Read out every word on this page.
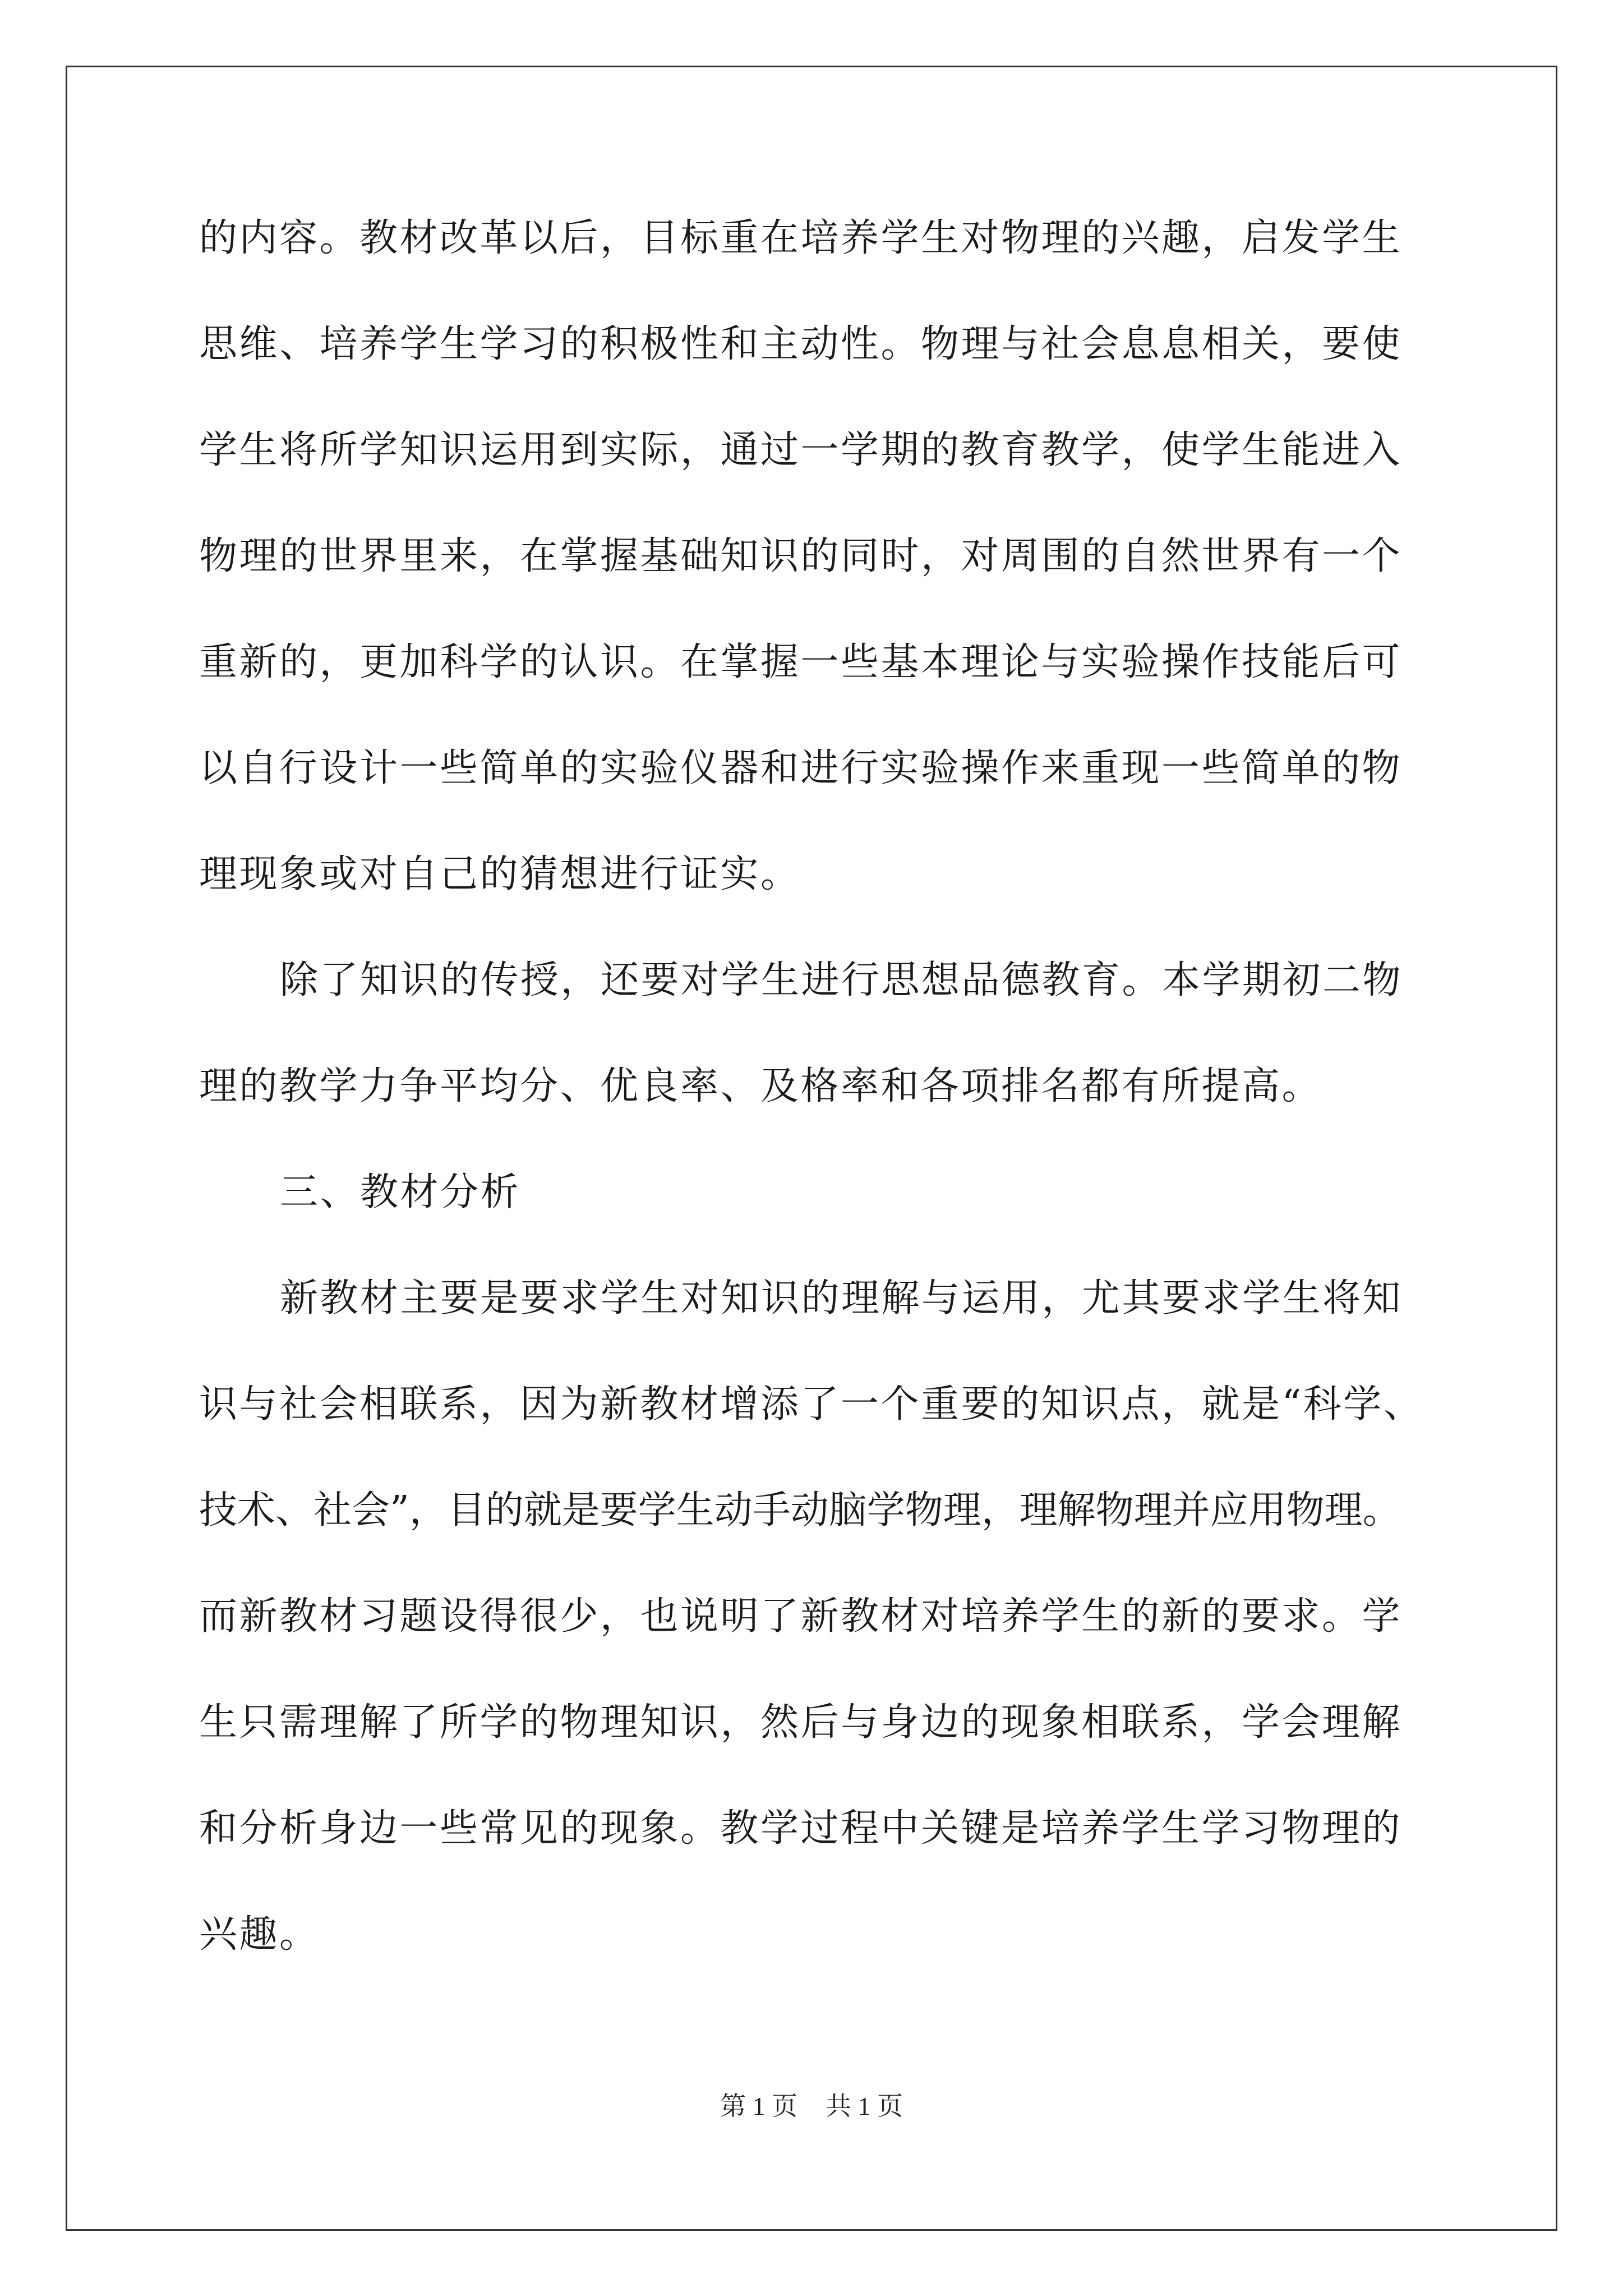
的内容。教材改革以后，目标重在培养学生对物理的兴趣，启发学生
思维、培养学生学习的积极性和主动性。物理与社会息息相关，要使
学生将所学知识运用到实际，通过一学期的教育教学，使学生能进入
物理的世界里来，在掌握基础知识的同时，对周围的自然世界有一个
重新的，更加科学的认识。在掌握一些基本理论与实验操作技能后可
以自行设计一些简单的实验仪器和进行实验操作来重现一些简单的物
理现象或对自己的猜想进行证实。
除了知识的传授，还要对学生进行思想品德教育。本学期初二物
理的教学力争平均分、优良率、及格率和各项排名都有所提高。
三、教材分析
新教材主要是要求学生对知识的理解与运用，尤其要求学生将知
识与社会相联系，因为新教材增添了一个重要的知识点，就是“科学、
技术、社会”，目的就是要学生动手动脑学物理，理解物理并应用物理。
而新教材习题设得很少，也说明了新教材对培养学生的新的要求。学
生只需理解了所学的物理知识，然后与身边的现象相联系，学会理解
和分析身边一些常见的现象。教学过程中关键是培养学生学习物理的
兴趣。
第 1 页 共 1 页
